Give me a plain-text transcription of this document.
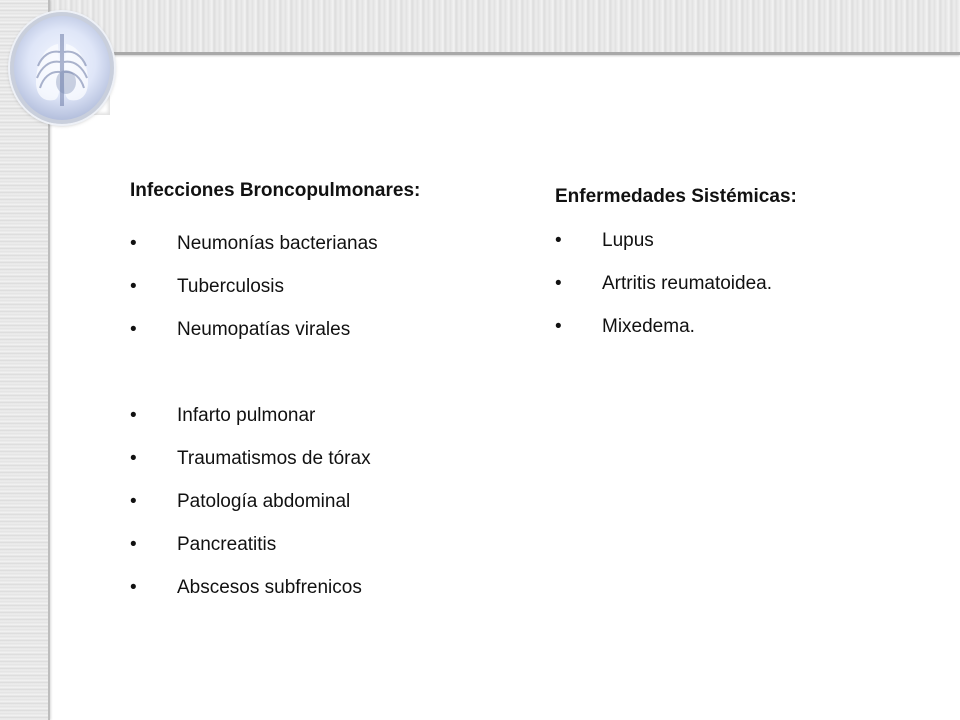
Infecciones Broncopulmonares:
•	Neumonías bacterianas
•	Tuberculosis
•	Neumopatías virales
•	Infarto pulmonar
•	Traumatismos de tórax
•	Patología abdominal
•	Pancreatitis
•	Abscesos subfrenicos
Enfermedades Sistémicas:
•	Lupus
•	Artritis reumatoidea.
•	Mixedema.
